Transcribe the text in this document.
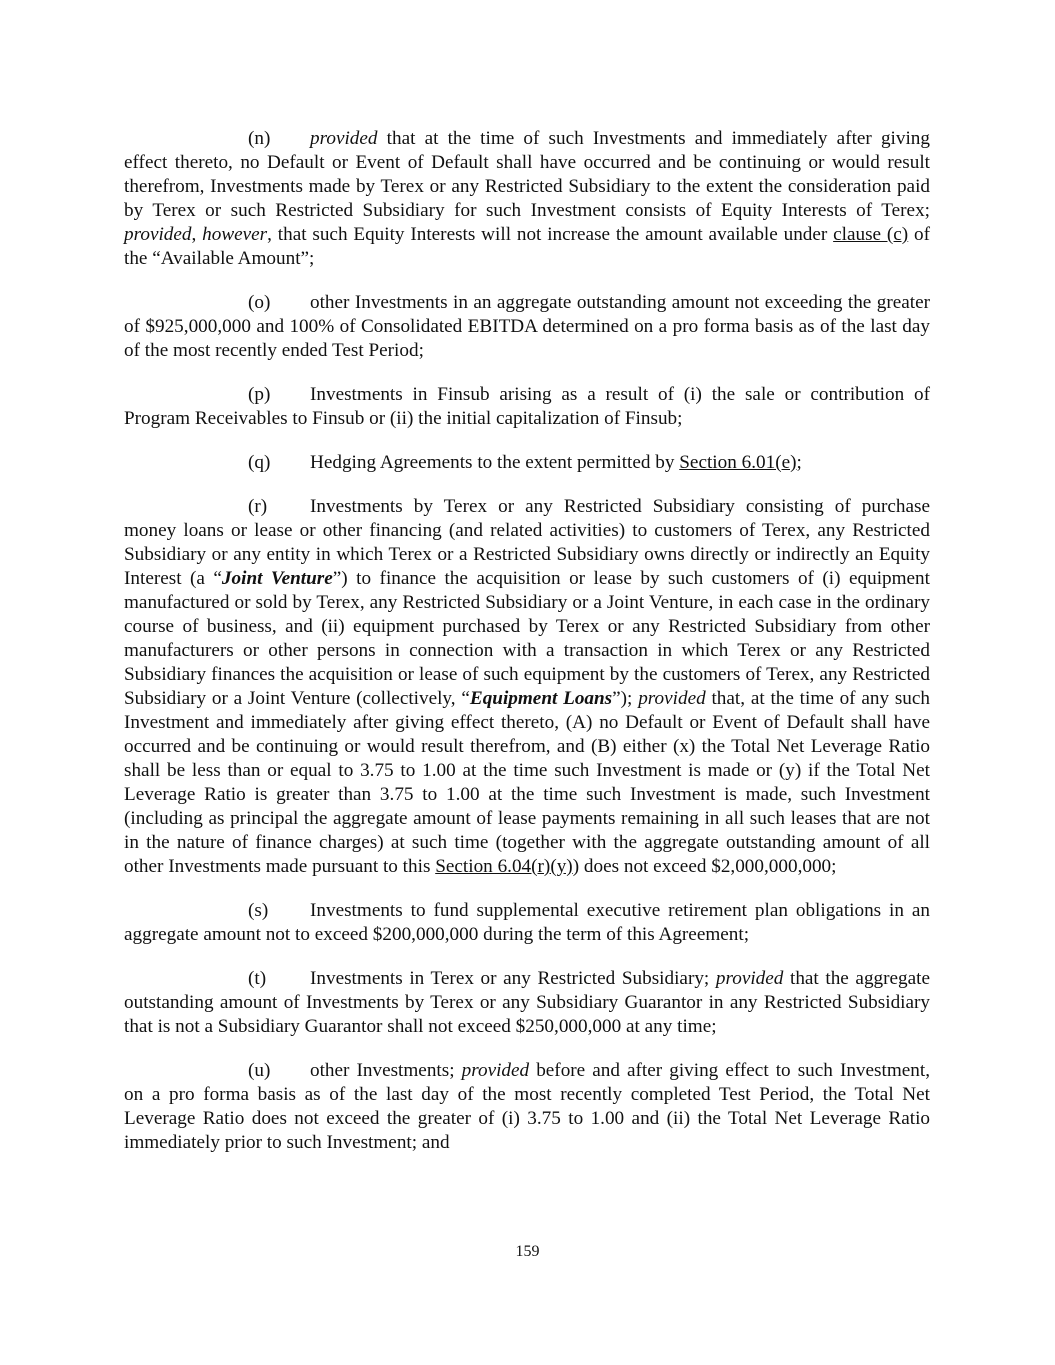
(n) provided that at the time of such Investments and immediately after giving effect thereto, no Default or Event of Default shall have occurred and be continuing or would result therefrom, Investments made by Terex or any Restricted Subsidiary to the extent the consideration paid by Terex or such Restricted Subsidiary for such Investment consists of Equity Interests of Terex; provided, however, that such Equity Interests will not increase the amount available under clause (c) of the “Available Amount”;

(o) other Investments in an aggregate outstanding amount not exceeding the greater of $925,000,000 and 100% of Consolidated EBITDA determined on a pro forma basis as of the last day of the most recently ended Test Period;

(p) Investments in Finsub arising as a result of (i) the sale or contribution of Program Receivables to Finsub or (ii) the initial capitalization of Finsub;

(q) Hedging Agreements to the extent permitted by Section 6.01(e);

(r) Investments by Terex or any Restricted Subsidiary consisting of purchase money loans or lease or other financing (and related activities) to customers of Terex, any Restricted Subsidiary or any entity in which Terex or a Restricted Subsidiary owns directly or indirectly an Equity Interest (a “Joint Venture”) to finance the acquisition or lease by such customers of (i) equipment manufactured or sold by Terex, any Restricted Subsidiary or a Joint Venture, in each case in the ordinary course of business, and (ii) equipment purchased by Terex or any Restricted Subsidiary from other manufacturers or other persons in connection with a transaction in which Terex or any Restricted Subsidiary finances the acquisition or lease of such equipment by the customers of Terex, any Restricted Subsidiary or a Joint Venture (collectively, “Equipment Loans”); provided that, at the time of any such Investment and immediately after giving effect thereto, (A) no Default or Event of Default shall have occurred and be continuing or would result therefrom, and (B) either (x) the Total Net Leverage Ratio shall be less than or equal to 3.75 to 1.00 at the time such Investment is made or (y) if the Total Net Leverage Ratio is greater than 3.75 to 1.00 at the time such Investment is made, such Investment (including as principal the aggregate amount of lease payments remaining in all such leases that are not in the nature of finance charges) at such time (together with the aggregate outstanding amount of all other Investments made pursuant to this Section 6.04(r)(y)) does not exceed $2,000,000,000;

(s) Investments to fund supplemental executive retirement plan obligations in an aggregate amount not to exceed $200,000,000 during the term of this Agreement;

(t) Investments in Terex or any Restricted Subsidiary; provided that the aggregate outstanding amount of Investments by Terex or any Subsidiary Guarantor in any Restricted Subsidiary that is not a Subsidiary Guarantor shall not exceed $250,000,000 at any time;

(u) other Investments; provided before and after giving effect to such Investment, on a pro forma basis as of the last day of the most recently completed Test Period, the Total Net Leverage Ratio does not exceed the greater of (i) 3.75 to 1.00 and (ii) the Total Net Leverage Ratio immediately prior to such Investment; and

159
